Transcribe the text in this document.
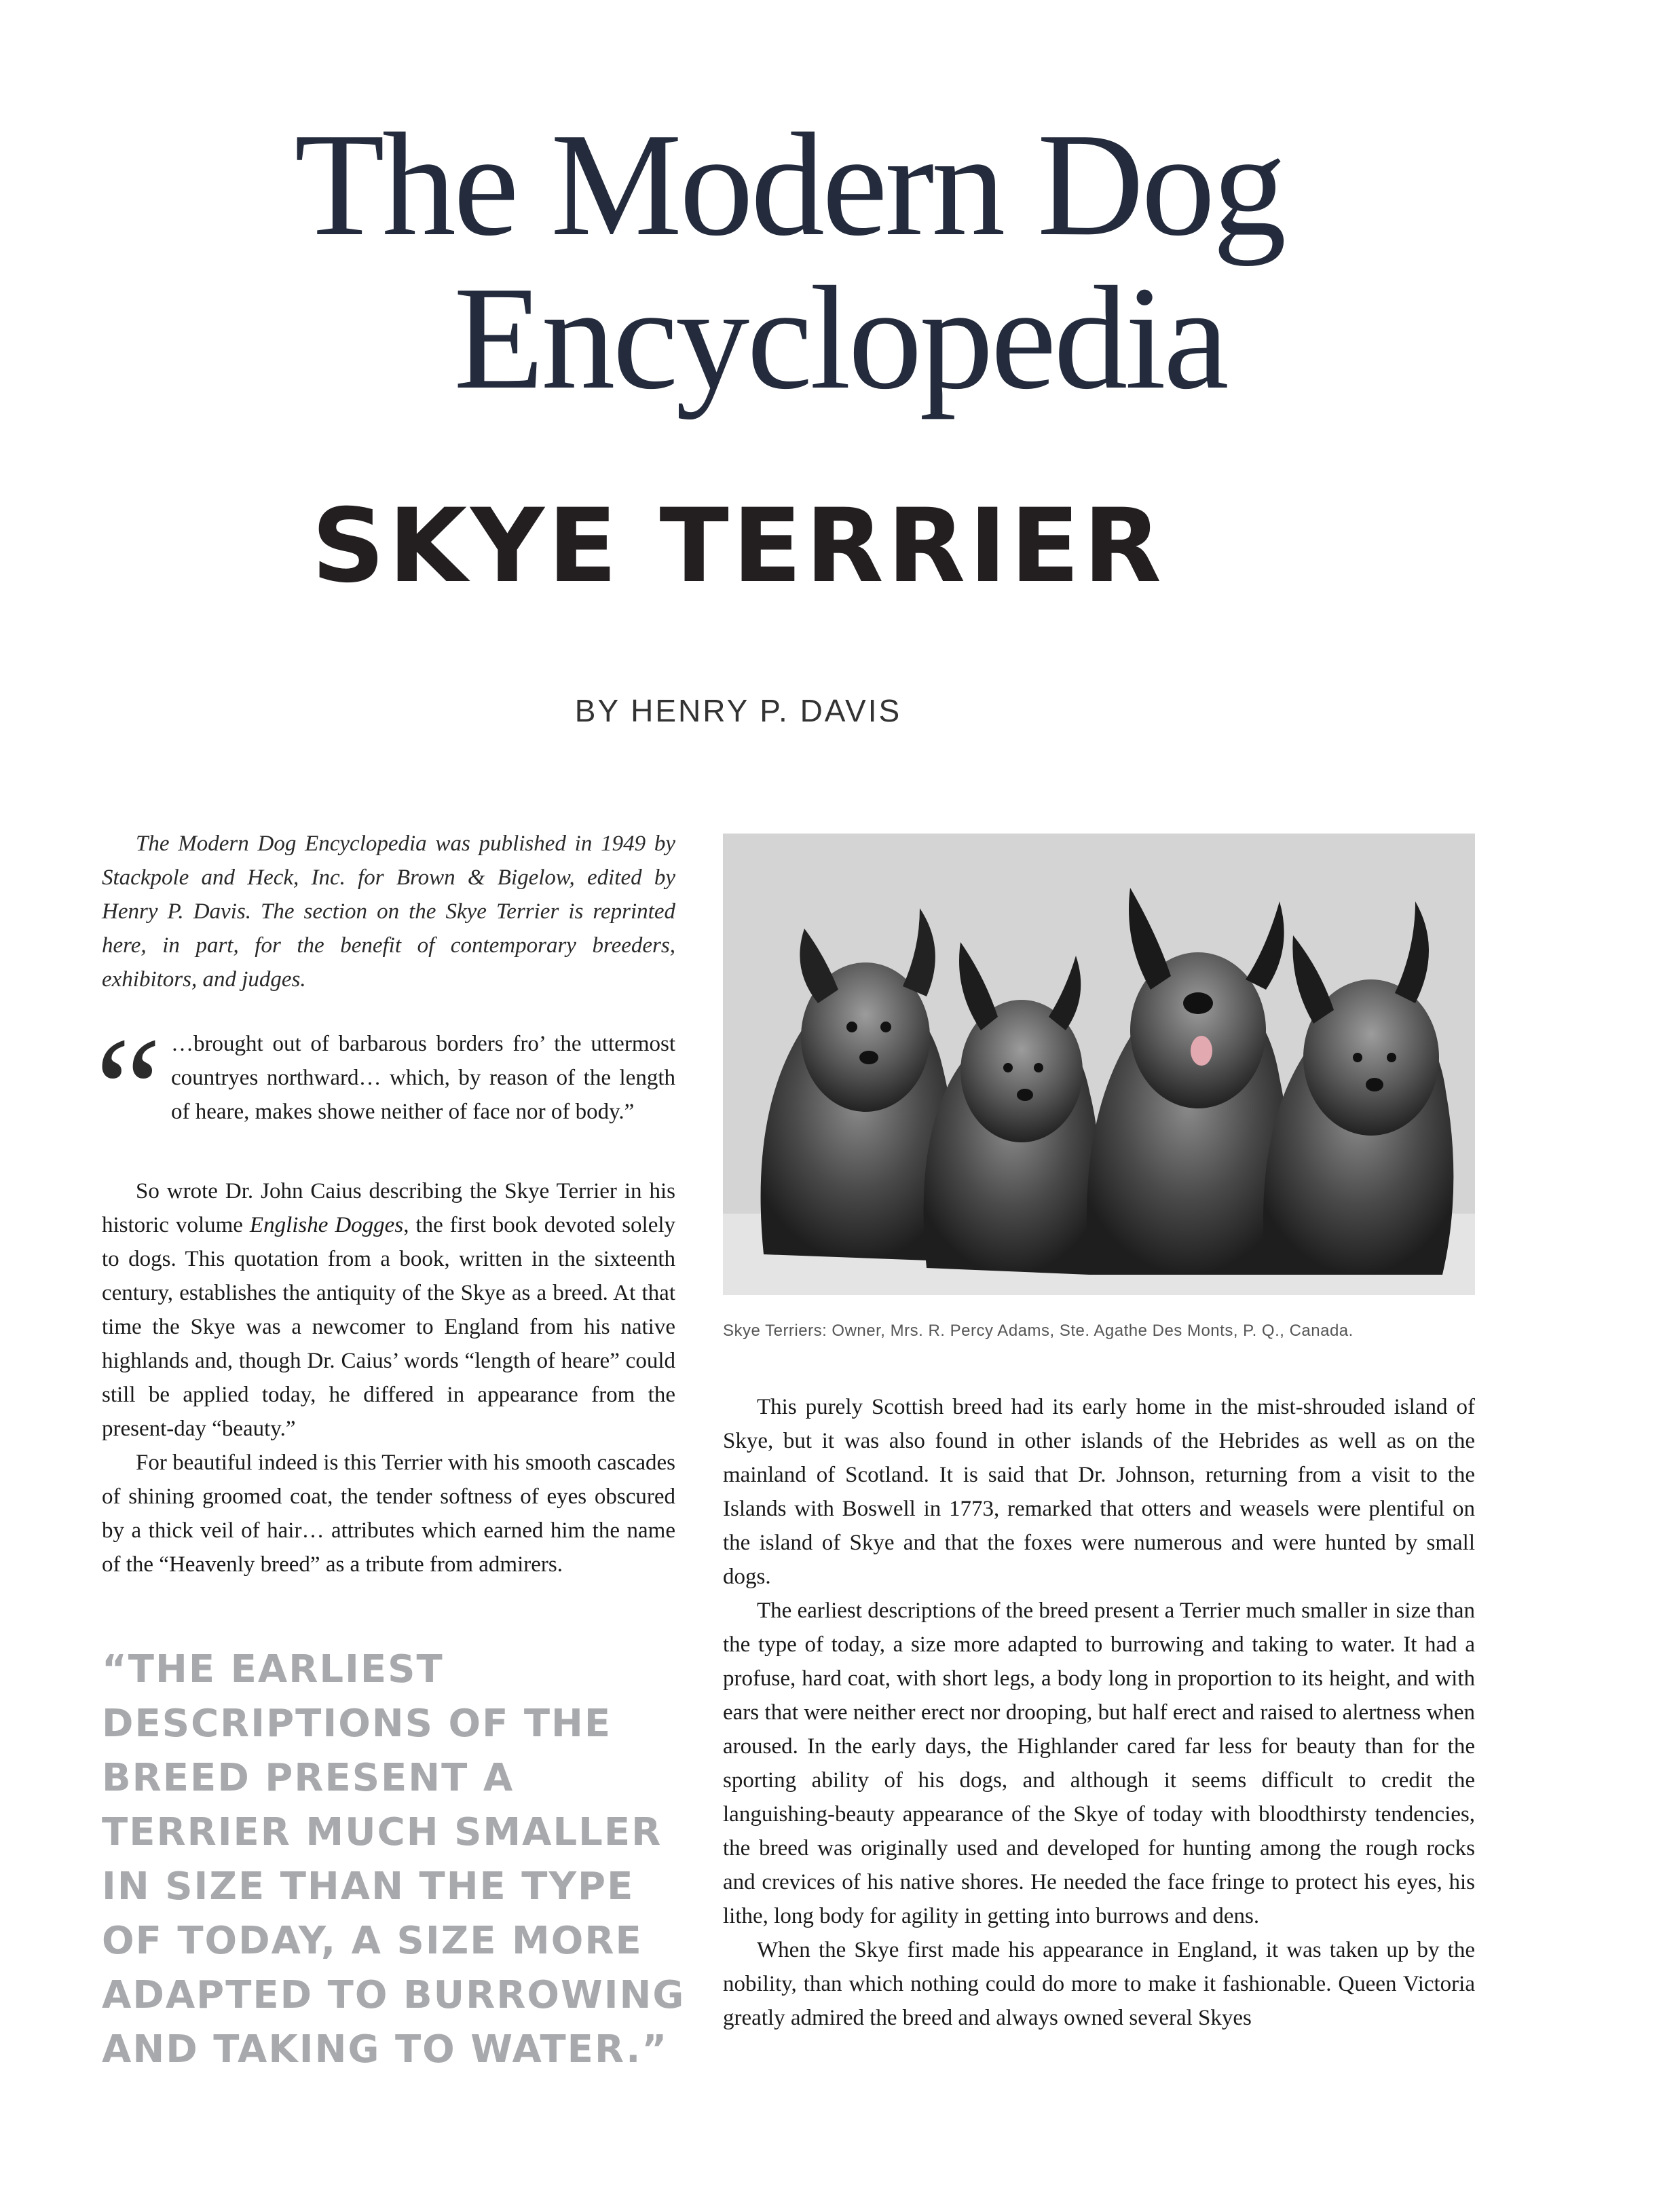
The Modern Dog
Encyclopedia
SKYE TERRIER
BY HENRY P. DAVIS
The Modern Dog Encyclopedia was published in 1949 by Stackpole and Heck, Inc. for Brown & Bigelow, edited by Henry P. Davis. The section on the Skye Terrier is reprinted here, in part, for the benefit of contemporary breeders, exhibitors, and judges.
“ …brought out of barbarous borders fro’ the uttermost countryes northward… which, by reason of the length of heare, makes showe neither of face nor of body.”

So wrote Dr. John Caius describing the Skye Terrier in his historic volume Englishe Dogges, the first book devoted solely to dogs. This quotation from a book, written in the sixteenth century, establishes the antiquity of the Skye as a breed. At that time the Skye was a newcomer to England from his native highlands and, though Dr. Caius’ words “length of heare” could still be applied today, he differed in appearance from the present-day “beauty.”

For beautiful indeed is this Terrier with his smooth cascades of shining groomed coat, the tender softness of eyes obscured by a thick veil of hair… attributes which earned him the name of the “Heavenly breed” as a tribute from admirers.

“THE EARLIEST DESCRIPTIONS OF THE BREED PRESENT A TERRIER MUCH SMALLER IN SIZE THAN THE TYPE OF TODAY, A SIZE MORE ADAPTED TO BURROWING AND TAKING TO WATER.”
Skye Terriers: Owner, Mrs. R. Percy Adams, Ste. Agathe Des Monts, P. Q., Canada.

This purely Scottish breed had its early home in the mist-shrouded island of Skye, but it was also found in other islands of the Hebrides as well as on the mainland of Scotland. It is said that Dr. Johnson, returning from a visit to the Islands with Boswell in 1773, remarked that otters and weasels were plentiful on the island of Skye and that the foxes were numerous and were hunted by small dogs.

The earliest descriptions of the breed present a Terrier much smaller in size than the type of today, a size more adapted to burrowing and taking to water. It had a profuse, hard coat, with short legs, a body long in proportion to its height, and with ears that were neither erect nor drooping, but half erect and raised to alertness when aroused. In the early days, the Highlander cared far less for beauty than for the sporting ability of his dogs, and although it seems difficult to credit the languishing-beauty appearance of the Skye of today with bloodthirsty tendencies, the breed was originally used and developed for hunting among the rough rocks and crevices of his native shores. He needed the face fringe to protect his eyes, his lithe, long body for agility in getting into burrows and dens.

When the Skye first made his appearance in England, it was taken up by the nobility, than which nothing could do more to make it fashionable. Queen Victoria greatly admired the breed and always owned several Skyes
